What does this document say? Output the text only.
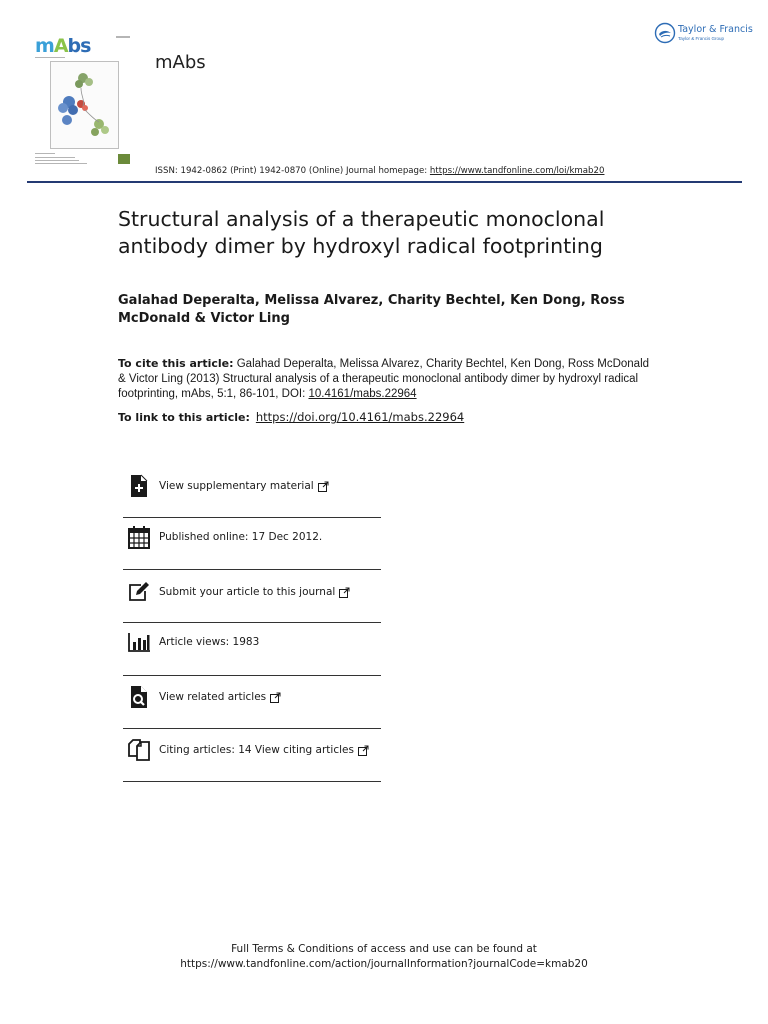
mAbs
mAbs
Taylor & Francis
Taylor & Francis Group
ISSN: 1942-0862 (Print) 1942-0870 (Online) Journal homepage: https://www.tandfonline.com/loi/kmab20
Structural analysis of a therapeutic monoclonal antibody dimer by hydroxyl radical footprinting
Galahad Deperalta, Melissa Alvarez, Charity Bechtel, Ken Dong, Ross McDonald & Victor Ling
To cite this article: Galahad Deperalta, Melissa Alvarez, Charity Bechtel, Ken Dong, Ross McDonald & Victor Ling (2013) Structural analysis of a therapeutic monoclonal antibody dimer by hydroxyl radical footprinting, mAbs, 5:1, 86-101, DOI: 10.4161/mabs.22964
To link to this article: https://doi.org/10.4161/mabs.22964
View supplementary material
Published online: 17 Dec 2012.
Submit your article to this journal
Article views: 1983
View related articles
Citing articles: 14 View citing articles
Full Terms & Conditions of access and use can be found at
https://www.tandfonline.com/action/journalInformation?journalCode=kmab20
